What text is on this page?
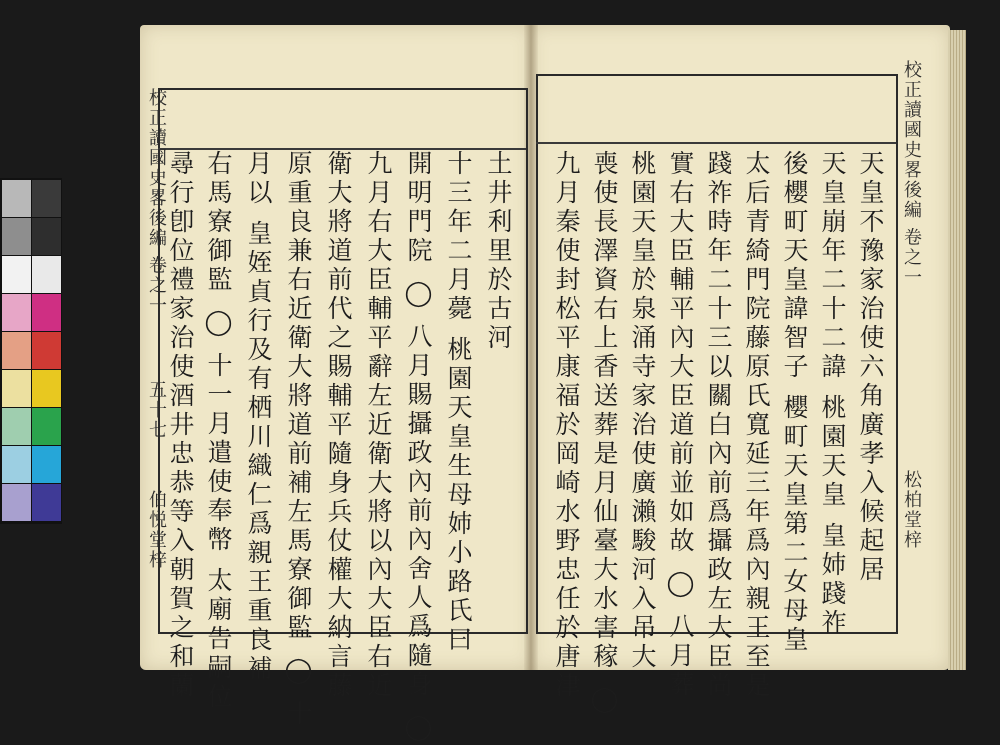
校正讀國史畧後編 卷之一
五十七
伯悦堂梓
校正讀國史畧後編 卷之一
松柏堂梓
土井利里於古河
十三年二月薨 桃園天皇生母姉小路氏曰
開明門院 ◯ 八月賜攝政內前內舍人爲隨身 ◯
九月右大臣輔平辭左近衛大將以內大臣右近
衛大將道前代之賜輔平隨身兵仗權大納言藤
原重良兼右近衛大將道前補左馬寮御監 ◯ 十
月以 皇姪貞行及有栖川織仁爲親王重良補
右馬寮御監 ◯ 十一月遣使奉幣 太廟告嗣位
尋行卽位禮家治使酒井忠恭等入朝賀之和蘭	天皇不豫家治使六角廣孝入候起居
天皇崩年二十二諱 桃園天皇 皇姉踐祚
後櫻町天皇諱智子 櫻町天皇第二女母皇
太后青綺門院藤原氏寬延三年爲內親王至是
踐祚時年二十三以關白內前爲攝政左大臣尚
實右大臣輔平內大臣道前並如故 ◯ 八月葬
桃園天皇於泉涌寺家治使廣瀨駿河入吊大
喪使長澤資右上香送葬是月仙臺大水害稼 ◯
九月秦使封松平康福於岡崎水野忠任於唐津
